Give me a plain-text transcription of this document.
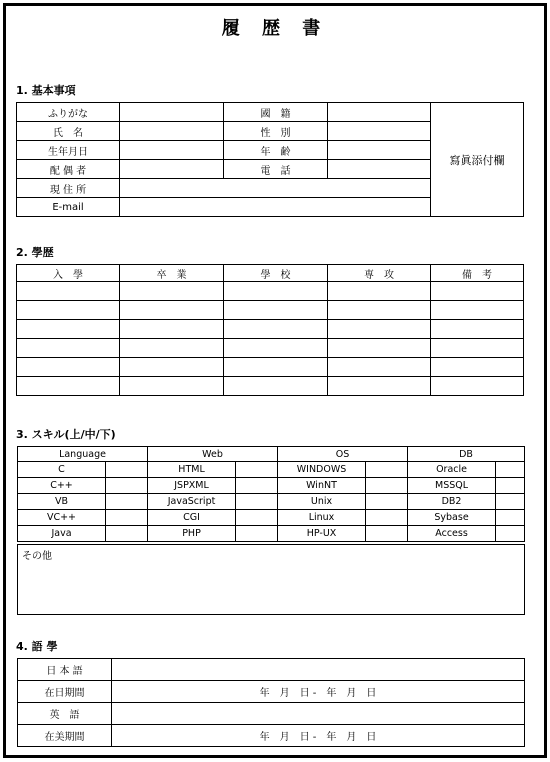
履 歴 書
1. 基本事項
ふりがな		國　籍		寫眞添付欄
氏　名		性　別		
生年月日		年　齢		
配 偶 者		電　話		
現 住 所				
E-mail				
2. 學歴
入　學	卒　業	學　校	専　攻	備　考

3. スキル(上/中/下)
Language		Web		OS		DB	
C		HTML		WINDOWS		Oracle	
C++		JSPXML		WinNT		MSSQL	
VB		JavaScript		Unix		DB2	
VC++		CGI		Linux		Sybase	
Java		PHP		HP-UX		Access	
その他
4. 語 學
日 本 語	
在日期間	年　月　日 -　年　月　日
英　語	
在美期間	年　月　日 -　年　月　日
